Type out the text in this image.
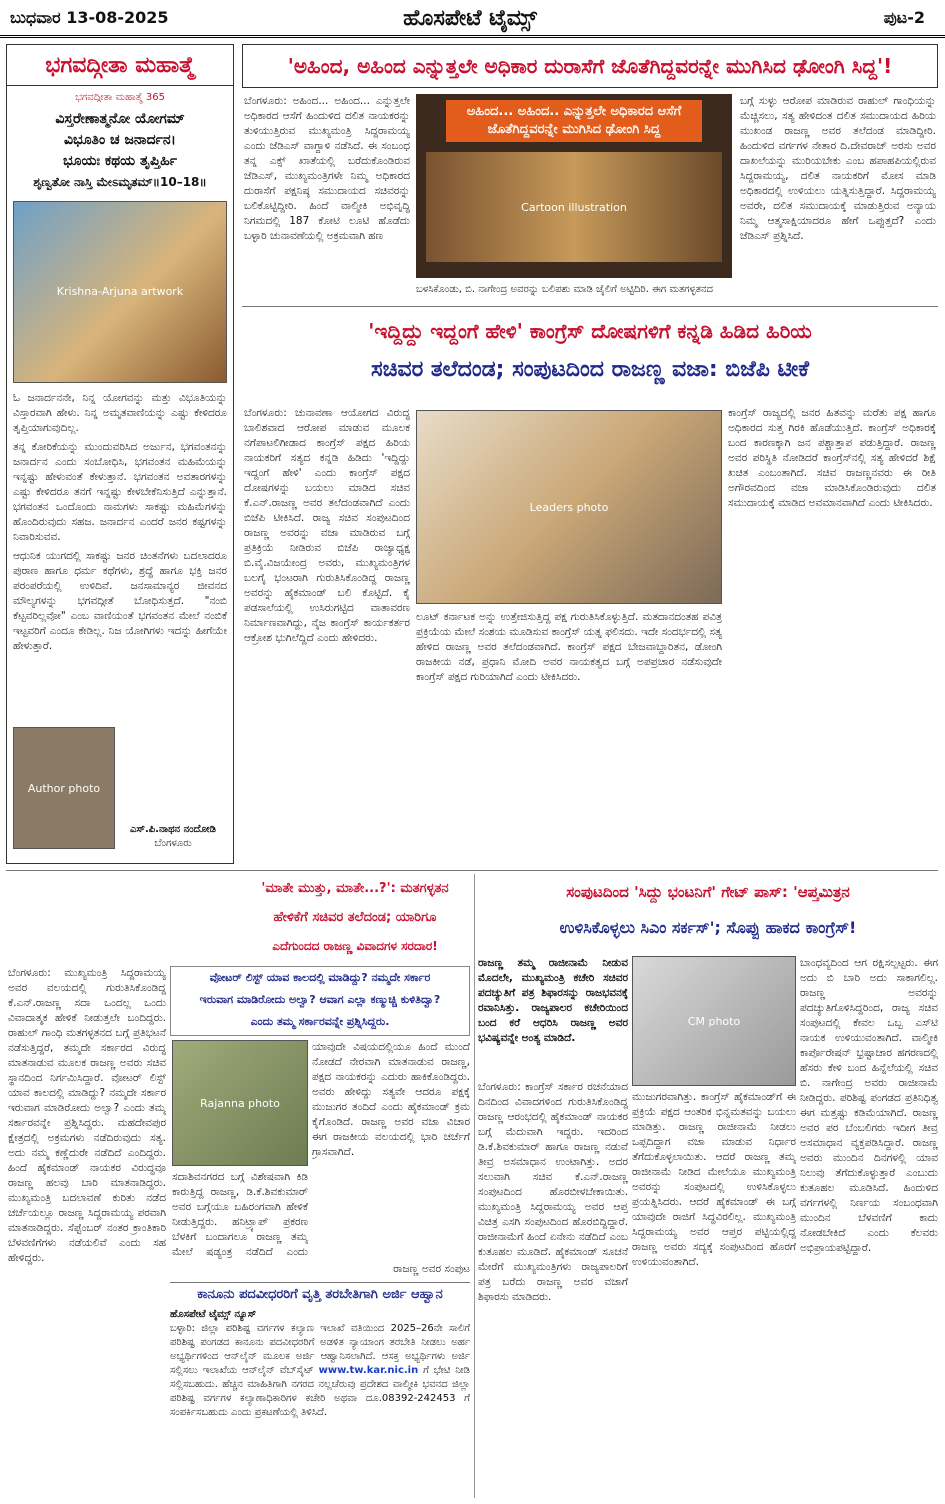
ಬುಧವಾರ 13-08-2025	ಹೊಸಪೇಟೆ ಟೈಮ್ಸ್	ಪುಟ-2
ಭಗವದ್ಗೀತಾ ಮಹಾತ್ಮೆ
ಭಗವದ್ಗೀತಾ ಮಹಾತ್ಮೆ 365
ವಿಸ್ತರೇಣಾತ್ಮನೋ ಯೋಗಮ್
ವಿಭೂತಿಂ ಚ ಜನಾರ್ದನ।
ಭೂಯಃ ಕಥಯ ತೃಪ್ತಿರ್ಹಿ
ಶೃಣ್ವತೋ ನಾಸ್ತಿ ಮೇಽಮೃತಮ್॥10–18॥
Krishna-Arjuna artwork

ಓ ಜನಾರ್ದನನೇ, ನಿನ್ನ ಯೋಗವನ್ನು ಮತ್ತು ವಿಭೂತಿಯನ್ನು ವಿಸ್ತಾರವಾಗಿ ಹೇಳು. ನಿನ್ನ ಅಮೃತವಾಣಿಯನ್ನು ಎಷ್ಟು ಕೇಳಿದರೂ ತೃಪ್ತಿಯಾಗುವುದಿಲ್ಲ.

ತನ್ನ ಕೋರಿಕೆಯನ್ನು ಮುಂದುವರಿಸಿದ ಅರ್ಜುನ, ಭಗವಂತನನ್ನು ಜನಾರ್ದನ ಎಂದು ಸಂಬೋಧಿಸಿ, ಭಗವಂತನ ಮಹಿಮೆಯನ್ನು ಇನ್ನಷ್ಟು ಹೇಳುವಂತೆ ಕೇಳುತ್ತಾನೆ. ಭಗವಂತನ ಅವತಾರಗಳನ್ನು ಎಷ್ಟು ಕೇಳಿದರೂ ತನಗೆ ಇನ್ನಷ್ಟು ಕೇಳಬೇಕೆನಿಸುತ್ತಿದೆ ಎನ್ನುತ್ತಾನೆ. ಭಗವಂತನ ಒಂದೊಂದು ನಾಮಗಳು ಸಾಕಷ್ಟು ಮಹಿಮೆಗಳನ್ನು ಹೊಂದಿರುವುದು ಸಹಜ. ಜನಾರ್ದನ ಎಂದರೆ ಜನರ ಕಷ್ಟಗಳನ್ನು ನಿವಾರಿಸುವವ.

ಆಧುನಿಕ ಯುಗದಲ್ಲಿ ಸಾಕಷ್ಟು ಜನರ ಚಿಂತನೆಗಳು ಬದಲಾದರೂ ಪುರಾಣ ಹಾಗೂ ಧರ್ಮ ಕಥೆಗಳು, ಶ್ರದ್ಧೆ ಹಾಗೂ ಭಕ್ತಿ ಜನರ ಪರಂಪರೆಯಲ್ಲಿ ಉಳಿದಿವೆ. ಜನಸಾಮಾನ್ಯರ ಜೀವನದ ಮೌಲ್ಯಗಳನ್ನು ಭಗವದ್ಗೀತೆ ಬೋಧಿಸುತ್ತದೆ. "ನಂಬಿ ಕೆಟ್ಟವರಿಲ್ಲವೋ" ಎಂಬ ವಾಣಿಯಂತೆ ಭಗವಂತನ ಮೇಲೆ ನಂಬಿಕೆ ಇಟ್ಟವರಿಗೆ ಎಂದೂ ಕೇಡಿಲ್ಲ. ನಿಜ ಯೋಗಿಗಳು ಇದನ್ನು ಹೀಗೆಯೇ ಹೇಳುತ್ತಾರೆ.

Author photo
ಎಸ್.ಪಿ.ನಾಥನ ನಂದೋಡಿ
ಬೆಂಗಳೂರು
'ಅಹಿಂದ, ಅಹಿಂದ ಎನ್ನುತ್ತಲೇ ಅಧಿಕಾರ ದುರಾಸೆಗೆ ಜೊತೆಗಿದ್ದವರನ್ನೇ ಮುಗಿಸಿದ ಢೋಂಗಿ ಸಿದ್ದ'!
ಬೆಂಗಳೂರು: ಅಹಿಂದ... ಅಹಿಂದ... ಎನ್ನುತ್ತಲೇ ಅಧಿಕಾರದ ಆಸೆಗೆ ಹಿಂದುಳಿದ ದಲಿತ ನಾಯಕರನ್ನು ತುಳಿಯುತ್ತಿರುವ ಮುಖ್ಯಮಂತ್ರಿ ಸಿದ್ದರಾಮಯ್ಯ ಎಂದು ಜೆಡಿಎಸ್ ವಾಗ್ದಾಳಿ ನಡೆಸಿದೆ. ಈ ಸಂಬಂಧ ತನ್ನ ಎಕ್ಸ್ ಖಾತೆಯಲ್ಲಿ ಬರೆದುಕೊಂಡಿರುವ ಜೆಡಿಎಸ್, ಮುಖ್ಯಮಂತ್ರಿಗಳೇ ನಿಮ್ಮ ಅಧಿಕಾರದ ದುರಾಸೆಗೆ ಪಕ್ಷನಿಷ್ಠ ಸಮುದಾಯದ ಸಚಿವರನ್ನು ಬಲಿಕೊಟ್ಟಿದ್ದೀರಿ. ಹಿಂದೆ ವಾಲ್ಮೀಕಿ ಅಭಿವೃದ್ಧಿ ನಿಗಮದಲ್ಲಿ 187 ಕೋಟಿ ಲೂಟಿ ಹೊಡೆದು ಬಳ್ಳಾರಿ ಚುನಾವಣೆಯಲ್ಲಿ ಅಕ್ರಮವಾಗಿ ಹಣ
ಅಹಿಂದ... ಅಹಿಂದ.. ಎನ್ನುತ್ತಲೇ ಅಧಿಕಾರದ ಆಸೆಗೆ
ಜೊತೆಗಿದ್ದವರನ್ನೇ ಮುಗಿಸಿದ ಢೋಂಗಿ ಸಿದ್ದ
Cartoon illustration
ಬಳಸಿಕೊಂಡು, ಬಿ. ನಾಗೇಂದ್ರ ಅವರನ್ನು ಬಲಿಪಶು ಮಾಡಿ ಜೈಲಿಗೆ ಅಟ್ಟಿದಿರಿ. ಈಗ ಮತಗಳ್ಳತನದ
ಬಗ್ಗೆ ಸುಳ್ಳು ಆರೋಪ ಮಾಡಿರುವ ರಾಹುಲ್ ಗಾಂಧಿಯನ್ನು ಮೆಚ್ಚಿಸಲು, ಸತ್ಯ ಹೇಳಿದಂತ ದಲಿತ ಸಮುದಾಯದ ಹಿರಿಯ ಮುಖಂಡ ರಾಜಣ್ಣ ಅವರ ತಲೆದಂಡ ಮಾಡಿದ್ದೀರಿ. ಹಿಂದುಳಿದ ವರ್ಗಗಳ ನೇತಾರ ದಿ.ದೇವರಾಜ್ ಅರಸು ಅವರ ದಾಖಲೆಯನ್ನು ಮುರಿಯಬೇಕು ಎಂಬ ಹಪಾಹಪಿಯಲ್ಲಿರುವ ಸಿದ್ದರಾಮಯ್ಯ, ದಲಿತ ನಾಯಕರಿಗೆ ಮೋಸ ಮಾಡಿ ಅಧಿಕಾರದಲ್ಲಿ ಉಳಿಯಲು ಯತ್ನಿಸುತ್ತಿದ್ದಾರೆ. ಸಿದ್ದರಾಮಯ್ಯ ಅವರೇ, ದಲಿತ ಸಮುದಾಯಕ್ಕೆ ಮಾಡುತ್ತಿರುವ ಅನ್ಯಾಯ ನಿಮ್ಮ ಆತ್ಮಸಾಕ್ಷಿಯಾದರೂ ಹೇಗೆ ಒಪ್ಪುತ್ತದೆ? ಎಂದು ಜೆಡಿಎಸ್ ಪ್ರಶ್ನಿಸಿದೆ.
'ಇದ್ದಿದ್ದು ಇದ್ದಂಗೆ ಹೇಳಿ' ಕಾಂಗ್ರೆಸ್ ದೋಷಗಳಿಗೆ ಕನ್ನಡಿ ಹಿಡಿದ ಹಿರಿಯ
ಸಚಿವರ ತಲೆದಂಡ; ಸಂಪುಟದಿಂದ ರಾಜಣ್ಣ ವಜಾ: ಬಿಜೆಪಿ ಟೀಕೆ
ಬೆಂಗಳೂರು: ಚುನಾವಣಾ ಆಯೋಗದ ವಿರುದ್ಧ ಬಾಲಿಶವಾದ ಆರೋಪ ಮಾಡುವ ಮೂಲಕ ನಗೆಪಾಟಲಿಗೀಡಾದ ಕಾಂಗ್ರೆಸ್ ಪಕ್ಷದ ಹಿರಿಯ ನಾಯಕರಿಗೆ ಸತ್ಯದ ಕನ್ನಡಿ ಹಿಡಿದು 'ಇದ್ದಿದ್ದು ಇದ್ದಂಗೆ ಹೇಳಿ' ಎಂದು ಕಾಂಗ್ರೆಸ್ ಪಕ್ಷದ ದೋಷಗಳನ್ನು ಬಯಲು ಮಾಡಿದ ಸಚಿವ ಕೆ.ಎನ್.ರಾಜಣ್ಣ ಅವರ ತಲೆದಂಡವಾಗಿದೆ ಎಂದು ಬಿಜೆಪಿ ಟೀಕಿಸಿದೆ. ರಾಜ್ಯ ಸಚಿವ ಸಂಪುಟದಿಂದ ರಾಜಣ್ಣ ಅವರನ್ನು ವಜಾ ಮಾಡಿರುವ ಬಗ್ಗೆ ಪ್ರತಿಕ್ರಿಯೆ ನೀಡಿರುವ ಬಿಜೆಪಿ ರಾಜ್ಯಾಧ್ಯಕ್ಷ ಬಿ.ವೈ.ವಿಜಯೇಂದ್ರ ಅವರು, ಮುಖ್ಯಮಂತ್ರಿಗಳ ಬಲಗೈ ಭಂಟರಾಗಿ ಗುರುತಿಸಿಕೊಂಡಿದ್ದ ರಾಜಣ್ಣ ಅವರನ್ನು ಹೈಕಮಾಂಡ್ ಬಲಿ ಕೊಟ್ಟಿದೆ. ಕೈ ಪಡಸಾಲೆಯಲ್ಲಿ ಉಸಿರುಗಟ್ಟಿದ ವಾತಾವರಣ ನಿರ್ಮಾಣವಾಗಿದ್ದು, ನೈಜ ಕಾಂಗ್ರೆಸ್ ಕಾರ್ಯಕರ್ತರ ಆಕ್ರೋಶ ಭುಗಿಲೆದ್ದಿದೆ ಎಂದು ಹೇಳಿದರು.
Leaders photo
ಲೂಟ್ ಕರ್ನಾಟಕ ಅನ್ನು ಉತ್ತೇಜಿಸುತ್ತಿದ್ದ ಪಕ್ಷ ಗುರುತಿಸಿಕೊಳ್ಳುತ್ತಿದೆ. ಮತದಾನದಂತಹ ಪವಿತ್ರ ಪ್ರಕ್ರಿಯೆಯ ಮೇಲೆ ಸಂಶಯ ಮೂಡಿಸುವ ಕಾಂಗ್ರೆಸ್ ಯತ್ನ ಫಲಿಸದು. ಇದೇ ಸಂದರ್ಭದಲ್ಲಿ ಸತ್ಯ ಹೇಳಿದ ರಾಜಣ್ಣ ಅವರ ತಲೆದಂಡವಾಗಿದೆ. ಕಾಂಗ್ರೆಸ್ ಪಕ್ಷದ ಬೇಜವಾಬ್ದಾರಿತನ, ಡೋಂಗಿ ರಾಜಕೀಯ ನಡೆ, ಪ್ರಧಾನಿ ಮೋದಿ ಅವರ ನಾಯಕತ್ವದ ಬಗ್ಗೆ ಅಪಪ್ರಚಾರ ನಡೆಸುವುದೇ ಕಾಂಗ್ರೆಸ್ ಪಕ್ಷದ ಗುರಿಯಾಗಿದೆ ಎಂದು ಟೀಕಿಸಿದರು.
ಕಾಂಗ್ರೆಸ್ ರಾಜ್ಯದಲ್ಲಿ ಜನರ ಹಿತವನ್ನು ಮರೆತು ಪಕ್ಷ ಹಾಗೂ ಅಧಿಕಾರದ ಸುತ್ತ ಗಿರಕಿ ಹೊಡೆಯುತ್ತಿದೆ. ಕಾಂಗ್ರೆಸ್ ಅಧಿಕಾರಕ್ಕೆ ಬಂದ ಕಾರಣಕ್ಕಾಗಿ ಜನ ಪಶ್ಚಾತ್ತಾಪ ಪಡುತ್ತಿದ್ದಾರೆ. ರಾಜಣ್ಣ ಅವರ ಪರಿಸ್ಥಿತಿ ನೋಡಿದರೆ ಕಾಂಗ್ರೆಸ್‌ನಲ್ಲಿ ಸತ್ಯ ಹೇಳಿದರೆ ಶಿಕ್ಷೆ ಖಚಿತ ಎಂಬಂತಾಗಿದೆ. ಸಚಿವ ರಾಜಣ್ಣನವರು ಈ ರೀತಿ ಅಗೌರವದಿಂದ ವಜಾ ಮಾಡಿಸಿಕೊಂಡಿರುವುದು ದಲಿತ ಸಮುದಾಯಕ್ಕೆ ಮಾಡಿದ ಅವಮಾನವಾಗಿದೆ ಎಂದು ಟೀಕಿಸಿದರು.
'ಮಾತೇ ಮುತ್ತು, ಮಾತೇ...?': ಮತಗಳ್ಳತನ
ಹೇಳಿಕೆಗೆ ಸಚಿವರ ತಲೆದಂಡ; ಯಾರಿಗೂ
ಎದೆಗುಂದದ ರಾಜಣ್ಣ ವಿವಾದಗಳ ಸರದಾರ!
ಬೆಂಗಳೂರು: ಮುಖ್ಯಮಂತ್ರಿ ಸಿದ್ದರಾಮಯ್ಯ ಅವರ ವಲಯದಲ್ಲಿ ಗುರುತಿಸಿಕೊಂಡಿದ್ದ ಕೆ.ಎನ್.ರಾಜಣ್ಣ ಸದಾ ಒಂದಲ್ಲ ಒಂದು ವಿವಾದಾತ್ಮಕ ಹೇಳಿಕೆ ನೀಡುತ್ತಲೇ ಬಂದಿದ್ದರು. ರಾಹುಲ್ ಗಾಂಧಿ ಮತಗಳ್ಳತನದ ಬಗ್ಗೆ ಪ್ರತಿಭಟನೆ ನಡೆಸುತ್ತಿದ್ದರೆ, ತಮ್ಮದೇ ಸರ್ಕಾರದ ವಿರುದ್ಧ ಮಾತನಾಡುವ ಮೂಲಕ ರಾಜಣ್ಣ ಅವರು ಸಚಿವ ಸ್ಥಾನದಿಂದ ನಿರ್ಗಮಿಸಿದ್ದಾರೆ. ವೋಟರ್ ಲಿಸ್ಟ್ ಯಾವ ಕಾಲದಲ್ಲಿ ಮಾಡಿದ್ದು? ನಮ್ಮದೇ ಸರ್ಕಾರ ಇರುವಾಗ ಮಾಡಿರೋದು ಅಲ್ವಾ? ಎಂದು ತಮ್ಮ ಸರ್ಕಾರವನ್ನೇ ಪ್ರಶ್ನಿಸಿದ್ದರು. ಮಹದೇವಪುರ ಕ್ಷೇತ್ರದಲ್ಲಿ ಅಕ್ರಮಗಳು ನಡೆದಿರುವುದು ಸತ್ಯ. ಅದು ನಮ್ಮ ಕಣ್ಣೆದುರೇ ನಡೆದಿದೆ ಎಂದಿದ್ದರು. ಹಿಂದೆ ಹೈಕಮಾಂಡ್ ನಾಯಕರ ವಿರುದ್ಧವೂ ರಾಜಣ್ಣ ಹಲವು ಬಾರಿ ಮಾತನಾಡಿದ್ದರು. ಮುಖ್ಯಮಂತ್ರಿ ಬದಲಾವಣೆ ಕುರಿತು ನಡೆದ ಚರ್ಚೆಯಲ್ಲೂ ರಾಜಣ್ಣ ಸಿದ್ದರಾಮಯ್ಯ ಪರವಾಗಿ ಮಾತನಾಡಿದ್ದರು. ಸೆಪ್ಟೆಂಬರ್ ನಂತರ ಕ್ರಾಂತಿಕಾರಿ ಬೆಳವಣಿಗೆಗಳು ನಡೆಯಲಿವೆ ಎಂದು ಸಹ ಹೇಳಿದ್ದರು.
ವೋಟರ್ ಲಿಸ್ಟ್ ಯಾವ ಕಾಲದಲ್ಲಿ ಮಾಡಿದ್ದು? ನಮ್ಮದೇ ಸರ್ಕಾರ
ಇರುವಾಗ ಮಾಡಿರೋದು ಅಲ್ವಾ? ಆವಾಗ ಎಲ್ಲಾ ಕಣ್ಮುಚ್ಚಿ ಕುಳಿತಿದ್ವಾ?
ಎಂದು ತಮ್ಮ ಸರ್ಕಾರವನ್ನೇ ಪ್ರಶ್ನಿಸಿದ್ದರು.
Rajanna photo
ಯಾವುದೇ ವಿಷಯದಲ್ಲಿಯೂ ಹಿಂದೆ ಮುಂದೆ ನೋಡದೆ ನೇರವಾಗಿ ಮಾತನಾಡುವ ರಾಜಣ್ಣ, ಪಕ್ಷದ ನಾಯಕರನ್ನು ಎದುರು ಹಾಕಿಕೊಂಡಿದ್ದರು. ಅವರು ಹೇಳಿದ್ದು ಸತ್ಯವೇ ಆದರೂ ಪಕ್ಷಕ್ಕೆ ಮುಜುಗರ ತಂದಿದೆ ಎಂದು ಹೈಕಮಾಂಡ್ ಕ್ರಮ ಕೈಗೊಂಡಿದೆ. ರಾಜಣ್ಣ ಅವರ ವಜಾ ವಿಚಾರ ಈಗ ರಾಜಕೀಯ ವಲಯದಲ್ಲಿ ಭಾರಿ ಚರ್ಚೆಗೆ ಗ್ರಾಸವಾಗಿದೆ.
ಸದಾಶಿವನಗರದ ಬಗ್ಗೆ ವಿಶೇಷವಾಗಿ ಕಿಡಿ ಕಾರುತ್ತಿದ್ದ ರಾಜಣ್ಣ, ಡಿ.ಕೆ.ಶಿವಕುಮಾರ್ ಅವರ ಬಗ್ಗೆಯೂ ಬಹಿರಂಗವಾಗಿ ಹೇಳಿಕೆ ನೀಡುತ್ತಿದ್ದರು. ಹನಿಟ್ರ್ಯಾಪ್ ಪ್ರಕರಣ ಬೆಳಕಿಗೆ ಬಂದಾಗಲೂ ರಾಜಣ್ಣ ತಮ್ಮ ಮೇಲೆ ಷಡ್ಯಂತ್ರ ನಡೆದಿದೆ ಎಂದು
ರಾಜಣ್ಣ ಅವರ ಸಂಪುಟ
ಕಾನೂನು ಪದವೀಧರರಿಗೆ ವೃತ್ತಿ ತರಬೇತಿಗಾಗಿ ಅರ್ಜಿ ಆಹ್ವಾನ
ಹೊಸಪೇಟೆ ಟೈಮ್ಸ್ ನ್ಯೂಸ್
ಬಳ್ಳಾರಿ: ಜಿಲ್ಲಾ ಪರಿಶಿಷ್ಟ ವರ್ಗಗಳ ಕಲ್ಯಾಣ ಇಲಾಖೆ ವತಿಯಿಂದ 2025–26ನೇ ಸಾಲಿಗೆ ಪರಿಶಿಷ್ಟ ಪಂಗಡದ ಕಾನೂನು ಪದವೀಧರರಿಗೆ ಅಡಳಿತ ನ್ಯಾಯಾಂಗ ತರಬೇತಿ ನೀಡಲು ಅರ್ಹ ಅಭ್ಯರ್ಥಿಗಳಿಂದ ಆನ್‌ಲೈನ್ ಮೂಲಕ ಅರ್ಜಿ ಆಹ್ವಾನಿಸಲಾಗಿದೆ. ಆಸಕ್ತ ಅಭ್ಯರ್ಥಿಗಳು ಅರ್ಜಿ ಸಲ್ಲಿಸಲು ಇಲಾಖೆಯ ಆನ್‌ಲೈನ್ ವೆಬ್‌ಸೈಟ್ www.tw.kar.nic.in ಗೆ ಭೇಟಿ ನೀಡಿ ಸಲ್ಲಿಸಬಹುದು. ಹೆಚ್ಚಿನ ಮಾಹಿತಿಗಾಗಿ ನಗರದ ನಲ್ಲಚೆರುವು ಪ್ರದೇಶದ ವಾಲ್ಮೀಕಿ ಭವನದ ಜಿಲ್ಲಾ ಪರಿಶಿಷ್ಟ ವರ್ಗಗಳ ಕಲ್ಯಾಣಾಧಿಕಾರಿಗಳ ಕಚೇರಿ ಅಥವಾ ದೂ.08392-242453 ಗೆ ಸಂಪರ್ಕಿಸಬಹುದು ಎಂದು ಪ್ರಕಟಣೆಯಲ್ಲಿ ತಿಳಿಸಿದೆ.
ಸಂಪುಟದಿಂದ 'ಸಿದ್ದು ಭಂಟನಿಗೆ' ಗೇಟ್ ಪಾಸ್: 'ಆಪ್ತಮಿತ್ರನ
ಉಳಿಸಿಕೊಳ್ಳಲು ಸಿಎಂ ಸರ್ಕಸ್'; ಸೊಪ್ಪು ಹಾಕದ ಕಾಂಗ್ರೆಸ್!
ರಾಜಣ್ಣ ತಮ್ಮ ರಾಜೀನಾಮೆ ನೀಡುವ ಮೊದಲೇ, ಮುಖ್ಯಮಂತ್ರಿ ಕಚೇರಿ ಸಚಿವರ ಪದಚ್ಯುತಿಗೆ ಪತ್ರ ಶಿಫಾರಸನ್ನು ರಾಜಭವನಕ್ಕೆ ರವಾನಿಸಿತ್ತು. ರಾಜ್ಯಪಾಲರ ಕಚೇರಿಯಿಂದ ಬಂದ ಕರೆ ಆಧರಿಸಿ ರಾಜಣ್ಣ ಅವರ ಭವಿಷ್ಯವನ್ನೇ ಅಂತ್ಯ ಮಾಡಿದೆ.
CM photo
ಬೆಂಗಳೂರು: ಕಾಂಗ್ರೆಸ್ ಸರ್ಕಾರ ರಚನೆಯಾದ ದಿನದಿಂದ ವಿವಾದಗಳಿಂದ ಗುರುತಿಸಿಕೊಂಡಿದ್ದ ರಾಜಣ್ಣ ಆರಂಭದಲ್ಲಿ ಹೈಕಮಾಂಡ್ ನಾಯಕರ ಬಗ್ಗೆ ಮೆದುವಾಗಿ ಇದ್ದರು. ಇದರಿಂದ ಡಿ.ಕೆ.ಶಿವಕುಮಾರ್ ಹಾಗೂ ರಾಜಣ್ಣ ನಡುವೆ ತೀವ್ರ ಅಸಮಾಧಾನ ಉಂಟಾಗಿತ್ತು. ಅದರ ಸಲುವಾಗಿ ಸಚಿವ ಕೆ.ಎನ್.ರಾಜಣ್ಣ ಸಂಪುಟದಿಂದ ಹೊರಬೀಳಬೇಕಾಯಿತು. ಮುಖ್ಯಮಂತ್ರಿ ಸಿದ್ದರಾಮಯ್ಯ ಅವರ ಆಪ್ತ ವಿಚಿತ್ರ ಎಸಗಿ ಸಂಪುಟದಿಂದ ಹೊರಬಿದ್ದಿದ್ದಾರೆ. ರಾಜೀನಾಮೆಗೆ ಹಿಂದೆ ಏನೇನು ನಡೆದಿದೆ ಎಂಬ ಕುತೂಹಲ ಮೂಡಿದೆ. ಹೈಕಮಾಂಡ್ ಸೂಚನೆ ಮೇರೆಗೆ ಮುಖ್ಯಮಂತ್ರಿಗಳು ರಾಜ್ಯಪಾಲರಿಗೆ ಪತ್ರ ಬರೆದು ರಾಜಣ್ಣ ಅವರ ವಜಾಗೆ ಶಿಫಾರಸು ಮಾಡಿದರು.
ಮುಜುಗರವಾಗಿತ್ತು. ಕಾಂಗ್ರೆಸ್ ಹೈಕಮಾಂಡ್‌ಗೆ ಈ ಪ್ರಕ್ರಿಯೆ ಪಕ್ಷದ ಆಂತರಿಕ ಭಿನ್ನಮತವನ್ನು ಬಯಲು ಮಾಡಿತ್ತು. ರಾಜಣ್ಣ ರಾಜೀನಾಮೆ ನೀಡಲು ಒಪ್ಪದಿದ್ದಾಗ ವಜಾ ಮಾಡುವ ನಿರ್ಧಾರ ತೆಗೆದುಕೊಳ್ಳಲಾಯಿತು. ಆದರೆ ರಾಜಣ್ಣ ತಮ್ಮ ರಾಜೀನಾಮೆ ನೀಡಿದ ಮೇಲೆಯೂ ಮುಖ್ಯಮಂತ್ರಿ ಅವರನ್ನು ಸಂಪುಟದಲ್ಲಿ ಉಳಿಸಿಕೊಳ್ಳಲು ಪ್ರಯತ್ನಿಸಿದರು. ಆದರೆ ಹೈಕಮಾಂಡ್ ಈ ಬಗ್ಗೆ ಯಾವುದೇ ರಾಜಿಗೆ ಸಿದ್ಧವಿರಲಿಲ್ಲ. ಮುಖ್ಯಮಂತ್ರಿ ಸಿದ್ದರಾಮಯ್ಯ ಅವರ ಆಪ್ತರ ಪಟ್ಟಿಯಲ್ಲಿದ್ದ ರಾಜಣ್ಣ ಅವರು ಸದ್ಯಕ್ಕೆ ಸಂಪುಟದಿಂದ ಹೊರಗೆ ಉಳಿಯುವಂತಾಗಿದೆ.
ಬಾಂಧವ್ಯದಿಂದ ಆಗ ರಕ್ಷಿಸಲ್ಪಟ್ಟರು. ಈಗ ಅದು ಬಿ ಬಾರಿ ಅದು ಸಾಕಾಗಲಿಲ್ಲ. ರಾಜಣ್ಣ ಅವರನ್ನು ಪದಚ್ಯುತಿಗೊಳಿಸಿದ್ದರಿಂದ, ರಾಜ್ಯ ಸಚಿವ ಸಂಪುಟದಲ್ಲಿ ಕೇವಲ ಒಬ್ಬ ಎಸ್‌ಟಿ ನಾಯಕ ಉಳಿಯುವಂತಾಗಿದೆ. ವಾಲ್ಮೀಕಿ ಕಾರ್ಪೊರೇಷನ್ ಭ್ರಷ್ಟಾಚಾರ ಹಗರಣದಲ್ಲಿ ಹೆಸರು ಕೇಳಿ ಬಂದ ಹಿನ್ನೆಲೆಯಲ್ಲಿ ಸಚಿವ ಬಿ. ನಾಗೇಂದ್ರ ಅವರು ರಾಜೀನಾಮೆ ನೀಡಿದ್ದರು. ಪರಿಶಿಷ್ಟ ಪಂಗಡದ ಪ್ರತಿನಿಧಿತ್ವ ಈಗ ಮತ್ತಷ್ಟು ಕಡಿಮೆಯಾಗಿದೆ. ರಾಜಣ್ಣ ಅವರ ಪರ ಬೆಂಬಲಿಗರು ಇದೀಗ ತೀವ್ರ ಅಸಮಾಧಾನ ವ್ಯಕ್ತಪಡಿಸಿದ್ದಾರೆ. ರಾಜಣ್ಣ ಅವರು ಮುಂದಿನ ದಿನಗಳಲ್ಲಿ ಯಾವ ನಿಲುವು ತೆಗೆದುಕೊಳ್ಳುತ್ತಾರೆ ಎಂಬುದು ಕುತೂಹಲ ಮೂಡಿಸಿದೆ. ಹಿಂದುಳಿದ ವರ್ಗಗಳಲ್ಲಿ ನಿರ್ಣಯ ಸಂಬಂಧವಾಗಿ ಮುಂದಿನ ಬೆಳವಣಿಗೆ ಕಾದು ನೋಡಬೇಕಿದೆ ಎಂದು ಕೆಲವರು ಅಭಿಪ್ರಾಯಪಟ್ಟಿದ್ದಾರೆ.
